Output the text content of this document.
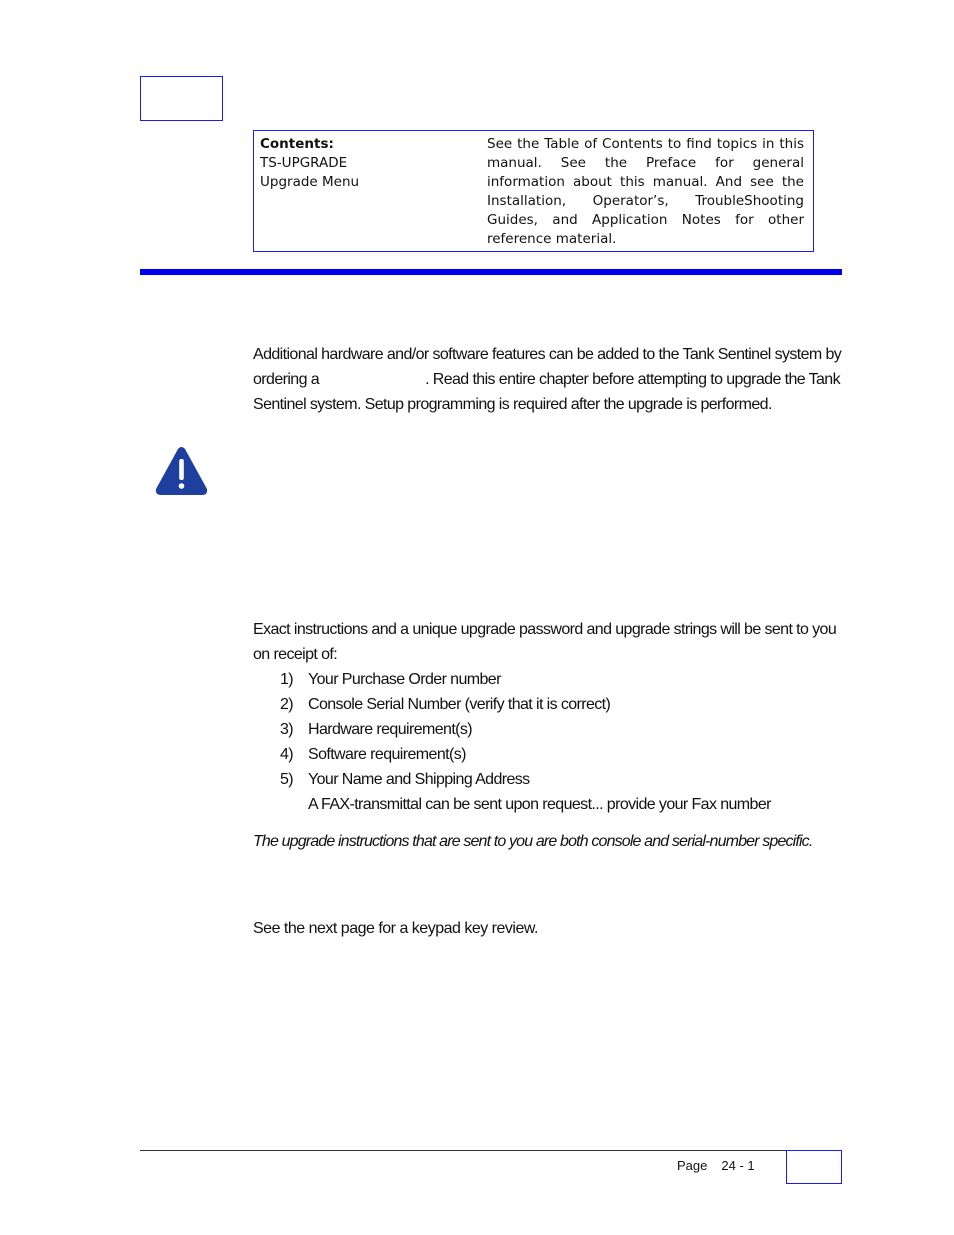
Contents:
TS-UPGRADE
Upgrade Menu
See the Table of Contents to find topics in this manual. See the Preface for general information about this manual. And see the Installation, Operator’s, TroubleShooting Guides, and Application Notes for other reference material.
Additional hardware and/or software features can be added to the Tank Sentinel system by ordering a	. Read this entire chapter before attempting to upgrade the Tank Sentinel system. Setup programming is required after the upgrade is performed.
Exact instructions and a unique upgrade password and upgrade strings will be sent to you on receipt of:
1) Your Purchase Order number
2) Console Serial Number (verify that it is correct)
3) Hardware requirement(s)
4) Software requirement(s)
5) Your Name and Shipping Address
A FAX-transmittal can be sent upon request... provide your Fax number
The upgrade instructions that are sent to you are both console and serial-number specific.
See the next page for a keypad key review.
Page 24 - 1
